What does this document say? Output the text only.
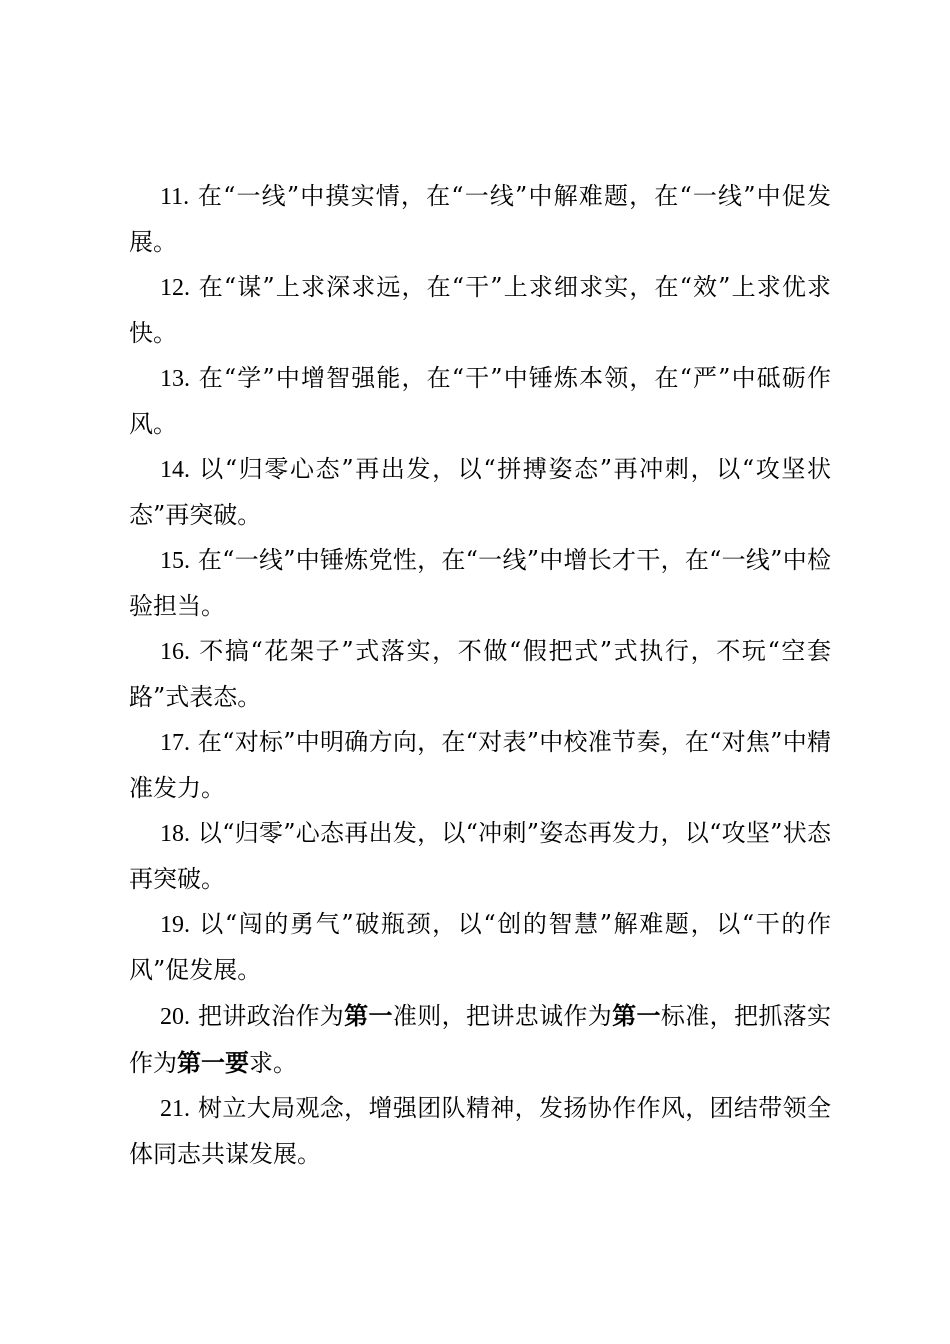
11. 在“一线”中摸实情，在“一线”中解难题，在“一线”中促发展。

12. 在“谋”上求深求远，在“干”上求细求实，在“效”上求优求快。

13. 在“学”中增智强能，在“干”中锤炼本领，在“严”中砥砺作风。

14. 以“归零心态”再出发，以“拼搏姿态”再冲刺，以“攻坚状态”再突破。

15. 在“一线”中锤炼党性，在“一线”中增长才干，在“一线”中检验担当。

16. 不搞“花架子”式落实，不做“假把式”式执行，不玩“空套路”式表态。

17. 在“对标”中明确方向，在“对表”中校准节奏，在“对焦”中精准发力。

18. 以“归零”心态再出发，以“冲刺”姿态再发力，以“攻坚”状态再突破。

19. 以“闯的勇气”破瓶颈，以“创的智慧”解难题，以“干的作风”促发展。

20. 把讲政治作为第一准则，把讲忠诚作为第一标准，把抓落实作为第一要求。

21. 树立大局观念，增强团队精神，发扬协作作风，团结带领全体同志共谋发展。
